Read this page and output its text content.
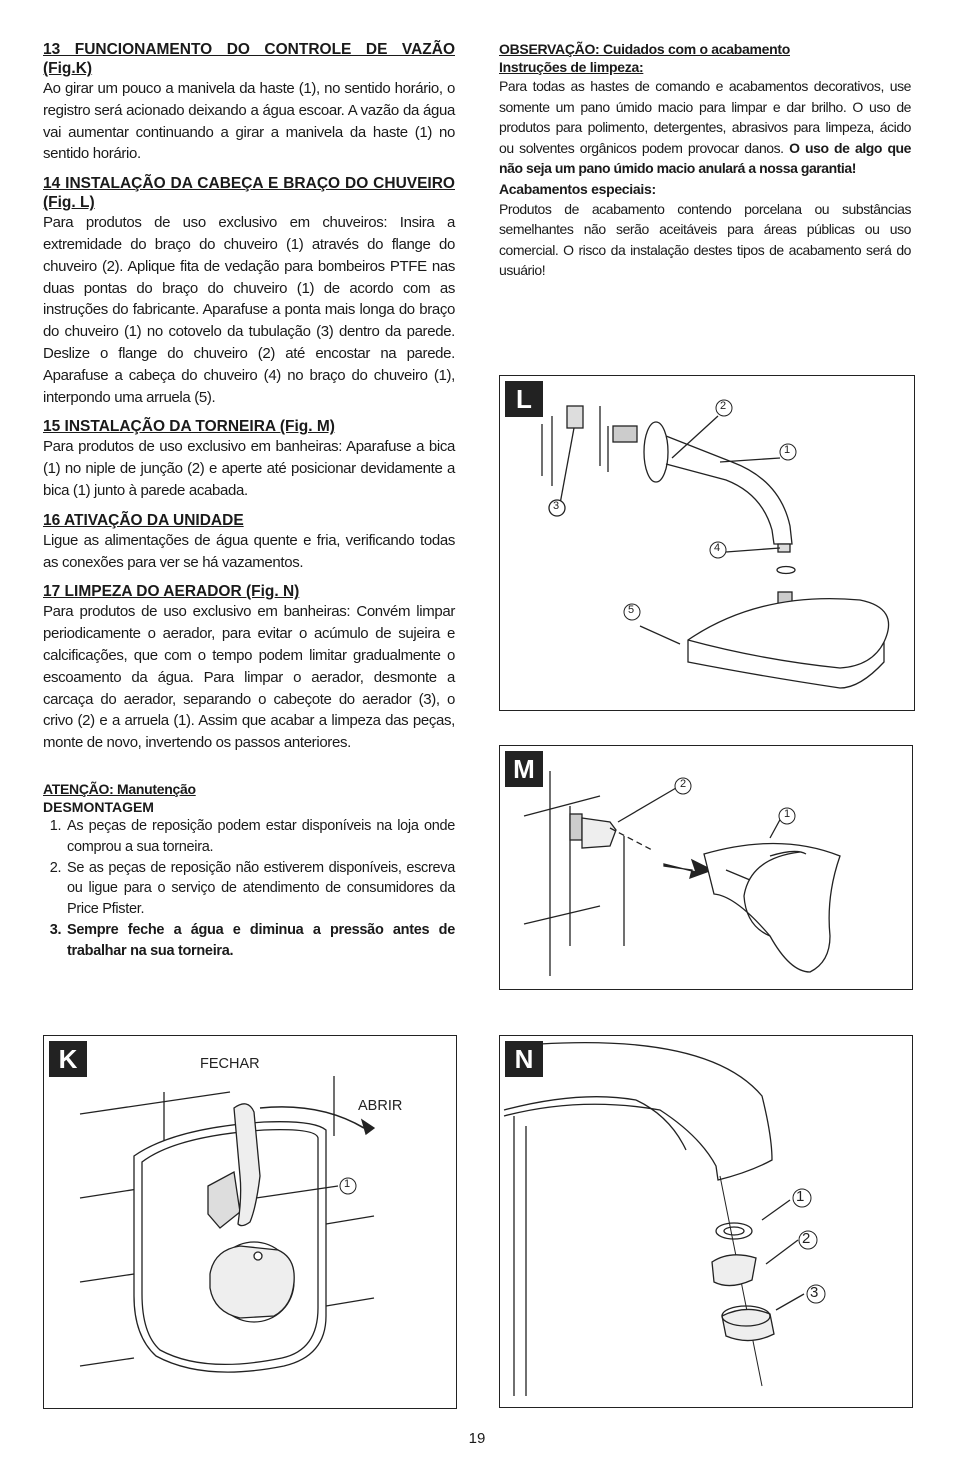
13 FUNCIONAMENTO DO CONTROLE DE VAZÃO (Fig.K)
Ao girar um pouco a manivela da haste (1), no sentido horário, o registro será acionado deixando a água escoar. A vazão da água vai aumentar continuando a girar a manivela da haste (1) no sentido horário.
14 INSTALAÇÃO DA CABEÇA E BRAÇO DO CHUVEIRO (Fig. L)
Para produtos de uso exclusivo em chuveiros: Insira a extremidade do braço do chuveiro (1) através do flange do chuveiro (2). Aplique fita de vedação para bombeiros PTFE nas duas pontas do braço do chuveiro (1) de acordo com as instruções do fabricante. Aparafuse a ponta mais longa do braço do chuveiro (1) no cotovelo da tubulação (3) dentro da parede. Deslize o flange do chuveiro (2) até encostar na parede. Aparafuse a cabeça do chuveiro (4) no braço do chuveiro (1), interpondo uma arruela (5).
15 INSTALAÇÃO DA TORNEIRA (Fig. M)
Para produtos de uso exclusivo em banheiras: Aparafuse a bica (1) no niple de junção (2) e aperte até posicionar devidamente a bica (1) junto à parede acabada.
16 ATIVAÇÃO DA UNIDADE
Ligue as alimentações de água quente e fria, verificando todas as conexões para ver se há vazamentos.
17 LIMPEZA DO AERADOR (Fig. N)
Para produtos de uso exclusivo em banheiras: Convém limpar periodicamente o aerador, para evitar o acúmulo de sujeira e calcificações, que com o tempo podem limitar gradualmente o escoamento da água. Para limpar o aerador, desmonte a carcaça do aerador, separando o cabeçote do aerador (3), o crivo (2) e a arruela (1). Assim que acabar a limpeza das peças, monte de novo, invertendo os passos anteriores.
ATENÇÃO: Manutenção
DESMONTAGEM
1. As peças de reposição podem estar disponíveis na loja onde comprou a sua torneira.
2. Se as peças de reposição não estiverem disponíveis, escreva ou ligue para o serviço de atendimento de consumidores da Price Pfister.
3. Sempre feche a água e diminua a pressão antes de trabalhar na sua torneira.
OBSERVAÇÃO: Cuidados com o acabamento
Instruções de limpeza:
Para todas as hastes de comando e acabamentos decorativos, use somente um pano úmido macio para limpar e dar brilho. O uso de produtos para polimento, detergentes, abrasivos para limpeza, ácido ou solventes orgânicos podem provocar danos. O uso de algo que não seja um pano úmido macio anulará a nossa garantia!
Acabamentos especiais:
Produtos de acabamento contendo porcelana ou substâncias semelhantes não serão aceitáveis para áreas públicas ou uso comercial. O risco da instalação destes tipos de acabamento será do usuário!
L	2
1
3
4
5
M	2
1
K	FECHAR
ABRIR
1
N
1
2
3
19
